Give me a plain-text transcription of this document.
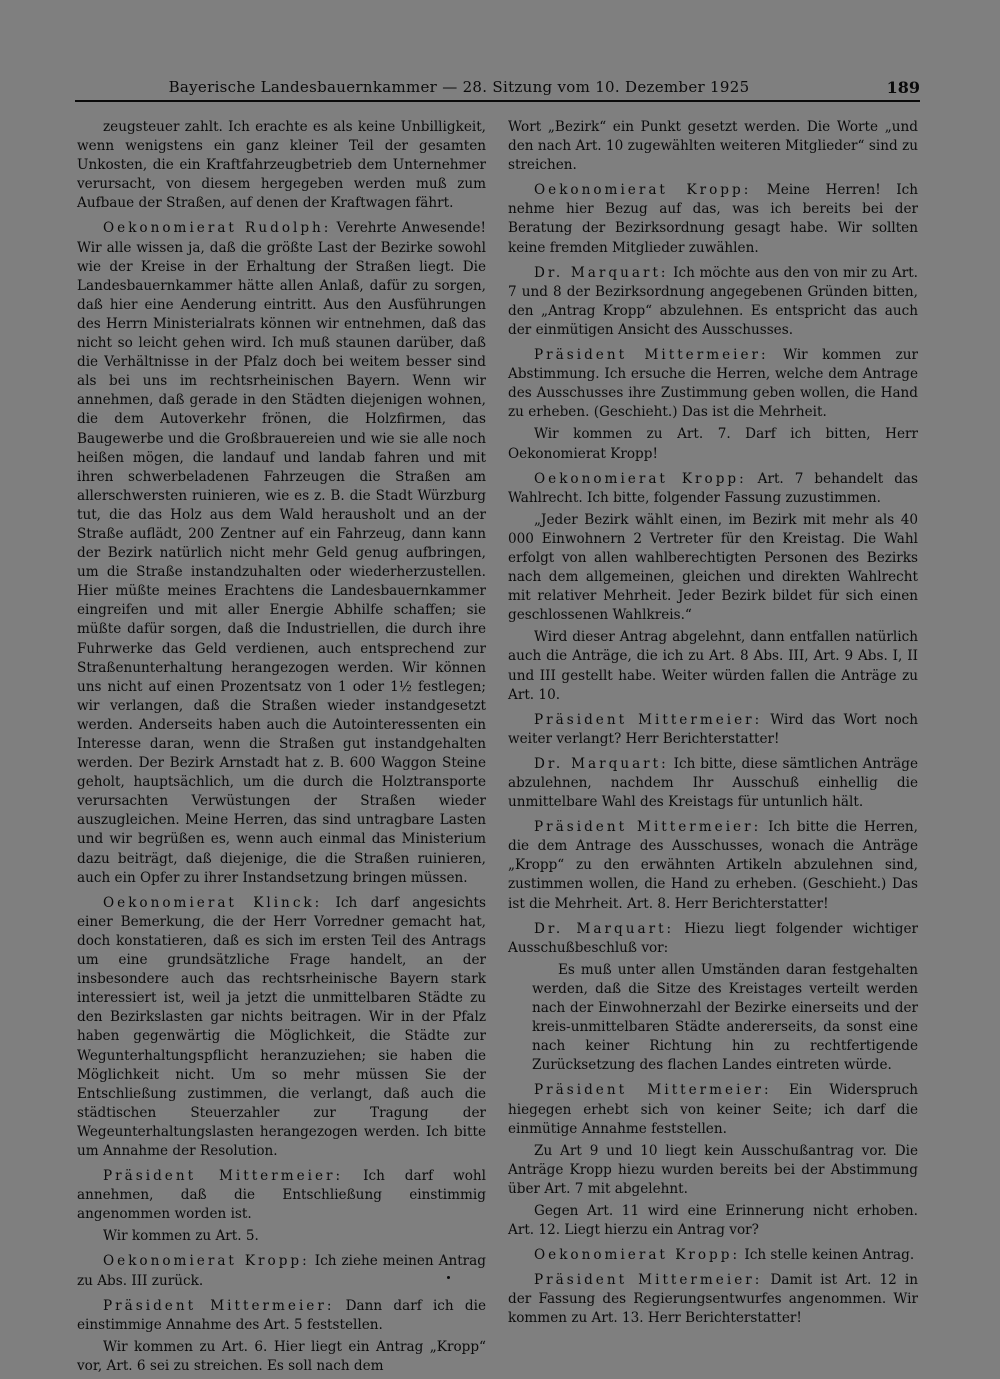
Bayerische Landesbauernkammer — 28. Sitzung vom 10. Dezember 1925	189

zeugsteuer zahlt. Ich erachte es als keine Unbilligkeit, wenn wenigstens ein ganz kleiner Teil der gesamten Unkosten, die ein Kraftfahrzeugbetrieb dem Unternehmer verursacht, von diesem hergegeben werden muß zum Aufbaue der Straßen, auf denen der Kraftwagen fährt.

Oekonomierat Rudolph: Verehrte Anwesende! Wir alle wissen ja, daß die größte Last der Bezirke sowohl wie der Kreise in der Erhaltung der Straßen liegt. Die Landesbauernkammer hätte allen Anlaß, dafür zu sorgen, daß hier eine Aenderung eintritt. Aus den Ausführungen des Herrn Ministerialrats können wir entnehmen, daß das nicht so leicht gehen wird. Ich muß staunen darüber, daß die Verhältnisse in der Pfalz doch bei weitem besser sind als bei uns im rechtsrheinischen Bayern. Wenn wir annehmen, daß gerade in den Städten diejenigen wohnen, die dem Autoverkehr frönen, die Holzfirmen, das Baugewerbe und die Großbrauereien und wie sie alle noch heißen mögen, die landauf und landab fahren und mit ihren schwerbeladenen Fahrzeugen die Straßen am allerschwersten ruinieren, wie es z. B. die Stadt Würzburg tut, die das Holz aus dem Wald herausholt und an der Straße auflädt, 200 Zentner auf ein Fahrzeug, dann kann der Bezirk natürlich nicht mehr Geld genug aufbringen, um die Straße instandzuhalten oder wiederherzustellen. Hier müßte meines Erachtens die Landesbauernkammer eingreifen und mit aller Energie Abhilfe schaffen; sie müßte dafür sorgen, daß die Industriellen, die durch ihre Fuhrwerke das Geld verdienen, auch entsprechend zur Straßenunterhaltung herangezogen werden. Wir können uns nicht auf einen Prozentsatz von 1 oder 1½ festlegen; wir verlangen, daß die Straßen wieder instandgesetzt werden. Anderseits haben auch die Autointeressenten ein Interesse daran, wenn die Straßen gut instandgehalten werden. Der Bezirk Arnstadt hat z. B. 600 Waggon Steine geholt, hauptsächlich, um die durch die Holztransporte verursachten Verwüstungen der Straßen wieder auszugleichen. Meine Herren, das sind untragbare Lasten und wir begrüßen es, wenn auch einmal das Ministerium dazu beiträgt, daß diejenige, die die Straßen ruinieren, auch ein Opfer zu ihrer Instandsetzung bringen müssen.

Oekonomierat Klinck: Ich darf angesichts einer Bemerkung, die der Herr Vorredner gemacht hat, doch konstatieren, daß es sich im ersten Teil des Antrags um eine grundsätzliche Frage handelt, an der insbesondere auch das rechtsrheinische Bayern stark interessiert ist, weil ja jetzt die unmittelbaren Städte zu den Bezirkslasten gar nichts beitragen. Wir in der Pfalz haben gegenwärtig die Möglichkeit, die Städte zur Wegunterhaltungspflicht heranzuziehen; sie haben die Möglichkeit nicht. Um so mehr müssen Sie der Entschließung zustimmen, die verlangt, daß auch die städtischen Steuerzahler zur Tragung der Wegeunterhaltungslasten herangezogen werden. Ich bitte um Annahme der Resolution.

Präsident Mittermeier: Ich darf wohl annehmen, daß die Entschließung einstimmig angenommen worden ist.

Wir kommen zu Art. 5.

Oekonomierat Kropp: Ich ziehe meinen Antrag zu Abs. III zurück.

Präsident Mittermeier: Dann darf ich die einstimmige Annahme des Art. 5 feststellen.

Wir kommen zu Art. 6. Hier liegt ein Antrag „Kropp“ vor, Art. 6 sei zu streichen. Es soll nach dem

Wort „Bezirk“ ein Punkt gesetzt werden. Die Worte „und den nach Art. 10 zugewählten weiteren Mitglieder“ sind zu streichen.

Oekonomierat Kropp: Meine Herren! Ich nehme hier Bezug auf das, was ich bereits bei der Beratung der Bezirksordnung gesagt habe. Wir sollten keine fremden Mitglieder zuwählen.

Dr. Marquart: Ich möchte aus den von mir zu Art. 7 und 8 der Bezirksordnung angegebenen Gründen bitten, den „Antrag Kropp“ abzulehnen. Es entspricht das auch der einmütigen Ansicht des Ausschusses.

Präsident Mittermeier: Wir kommen zur Abstimmung. Ich ersuche die Herren, welche dem Antrage des Ausschusses ihre Zustimmung geben wollen, die Hand zu erheben. (Geschieht.) Das ist die Mehrheit.

Wir kommen zu Art. 7. Darf ich bitten, Herr Oekonomierat Kropp!

Oekonomierat Kropp: Art. 7 behandelt das Wahlrecht. Ich bitte, folgender Fassung zuzustimmen.

„Jeder Bezirk wählt einen, im Bezirk mit mehr als 40 000 Einwohnern 2 Vertreter für den Kreistag. Die Wahl erfolgt von allen wahlberechtigten Personen des Bezirks nach dem allgemeinen, gleichen und direkten Wahlrecht mit relativer Mehrheit. Jeder Bezirk bildet für sich einen geschlossenen Wahlkreis.“

Wird dieser Antrag abgelehnt, dann entfallen natürlich auch die Anträge, die ich zu Art. 8 Abs. III, Art. 9 Abs. I, II und III gestellt habe. Weiter würden fallen die Anträge zu Art. 10.

Präsident Mittermeier: Wird das Wort noch weiter verlangt? Herr Berichterstatter!

Dr. Marquart: Ich bitte, diese sämtlichen Anträge abzulehnen, nachdem Ihr Ausschuß einhellig die unmittelbare Wahl des Kreistags für untunlich hält.

Präsident Mittermeier: Ich bitte die Herren, die dem Antrage des Ausschusses, wonach die Anträge „Kropp“ zu den erwähnten Artikeln abzulehnen sind, zustimmen wollen, die Hand zu erheben. (Geschieht.) Das ist die Mehrheit. Art. 8. Herr Berichterstatter!

Dr. Marquart: Hiezu liegt folgender wichtiger Ausschußbeschluß vor:

Es muß unter allen Umständen daran festgehalten werden, daß die Sitze des Kreistages verteilt werden nach der Einwohnerzahl der Bezirke einerseits und der kreis-unmittelbaren Städte andererseits, da sonst eine nach keiner Richtung hin zu rechtfertigende Zurücksetzung des flachen Landes eintreten würde.

Präsident Mittermeier: Ein Widerspruch hiegegen erhebt sich von keiner Seite; ich darf die einmütige Annahme feststellen.

Zu Art 9 und 10 liegt kein Ausschußantrag vor. Die Anträge Kropp hiezu wurden bereits bei der Abstimmung über Art. 7 mit abgelehnt.

Gegen Art. 11 wird eine Erinnerung nicht erhoben. Art. 12. Liegt hierzu ein Antrag vor?

Oekonomierat Kropp: Ich stelle keinen Antrag.

Präsident Mittermeier: Damit ist Art. 12 in der Fassung des Regierungsentwurfes angenommen. Wir kommen zu Art. 13. Herr Berichterstatter!
